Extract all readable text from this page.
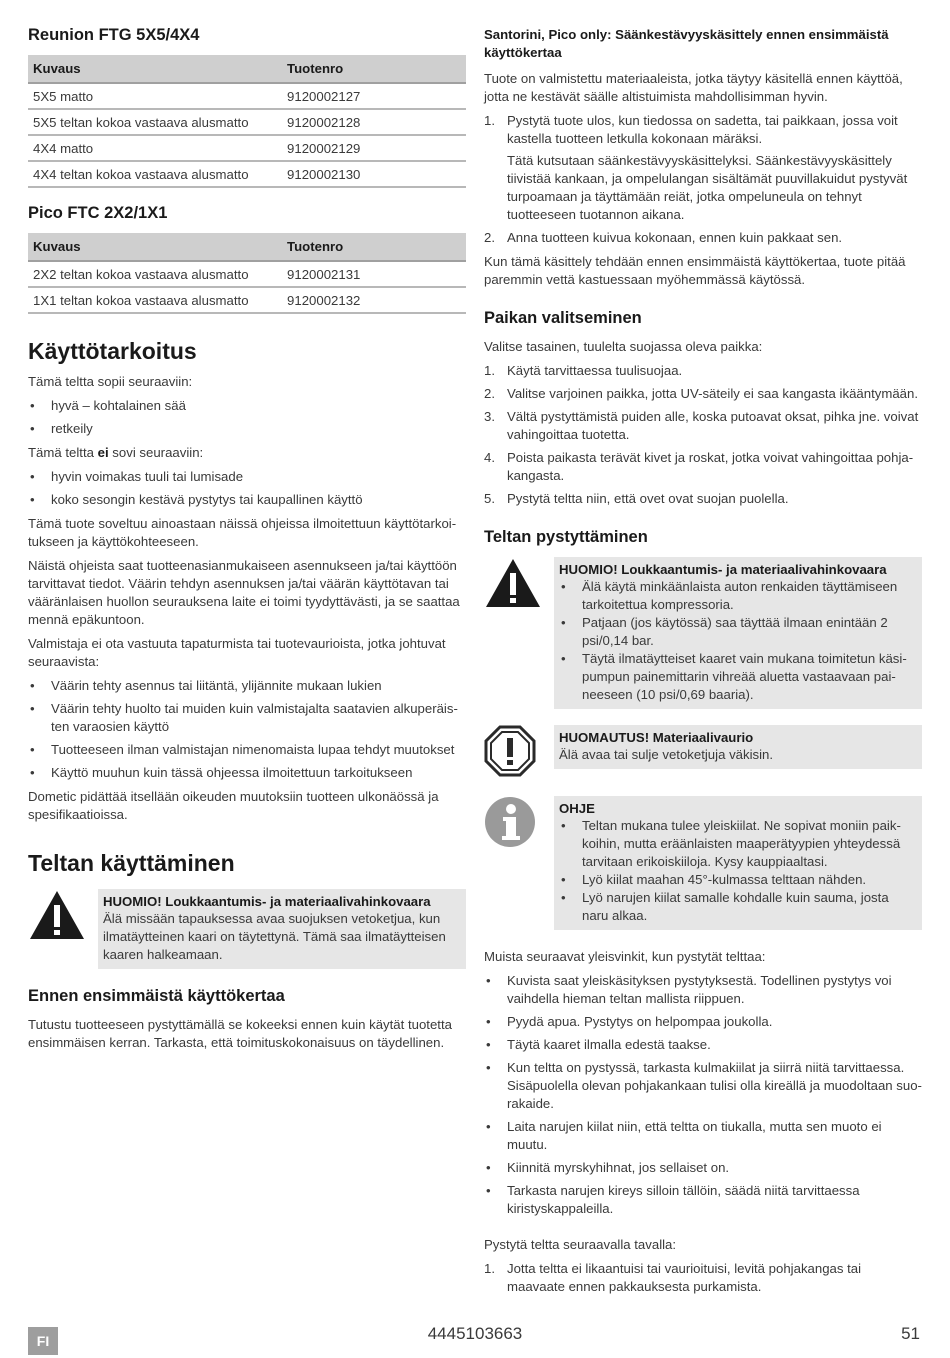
Reunion FTG 5X5/4X4
Kuvaus	Tuotenro
5X5 matto	9120002127
5X5 teltan kokoa vastaava alusmatto	9120002128
4X4 matto	9120002129
4X4 teltan kokoa vastaava alusmatto	9120002130
Pico FTC 2X2/1X1
Kuvaus	Tuotenro
2X2 teltan kokoa vastaava alusmatto	9120002131
1X1 teltan kokoa vastaava alusmatto	9120002132
Käyttötarkoitus

Tämä teltta sopii seuraaviin:

• hyvä – kohtalainen sää
• retkeily

Tämä teltta ei sovi seuraaviin:

• hyvin voimakas tuuli tai lumisade
• koko sesongin kestävä pystytys tai kaupallinen käyttö

Tämä tuote soveltuu ainoastaan näissä ohjeissa ilmoitettuun käyttötarkoitukseen ja käyttökohteeseen.

Näistä ohjeista saat tuotteenasianmukaiseen asennukseen ja/tai käyttöön tarvittavat tiedot. Väärin tehdyn asennuksen ja/tai väärän käyttötavan tai vääränlaisen huollon seurauksena laite ei toimi tyydyttävästi, ja se saattaa mennä epäkuntoon.

Valmistaja ei ota vastuuta tapaturmista tai tuotevaurioista, jotka johtuvat seuraavista:

• Väärin tehty asennus tai liitäntä, ylijännite mukaan lukien
• Väärin tehty huolto tai muiden kuin valmistajalta saatavien alkuperäisten varaosien käyttö
• Tuotteeseen ilman valmistajan nimenomaista lupaa tehdyt muutokset
• Käyttö muuhun kuin tässä ohjeessa ilmoitettuun tarkoitukseen

Dometic pidättää itsellään oikeuden muutoksiin tuotteen ulkonäössä ja spesifikaatioissa.

Teltan käyttäminen
HUOMIO! Loukkaantumis- ja materiaalivahinkovaara
Älä missään tapauksessa avaa suojuksen vetoketjua, kun ilmatäytteinen kaari on täytettynä. Tämä saa ilmatäytteisen kaaren halkeamaan.
Ennen ensimmäistä käyttökertaa

Tutustu tuotteeseen pystyttämällä se kokeeksi ennen kuin käytät tuotetta ensimmäisen kerran. Tarkasta, että toimituskokonaisuus on täydellinen.

Santorini, Pico only: Säänkestävyyskäsittely ennen ensimmäistä käyttökertaa

Tuote on valmistettu materiaaleista, jotka täytyy käsitellä ennen käyttöä, jotta ne kestävät säälle altistuimista mahdollisimman hyvin.

1. Pystytä tuote ulos, kun tiedossa on sadetta, tai paikkaan, jossa voit kastella tuotteen letkulla kokonaan märäksi.
Tätä kutsutaan säänkestävyyskäsittelyksi. Säänkestävyyskäsittely tiivistää kankaan, ja ompelulangan sisältämät puuvillakuidut pystyvät turpoamaan ja täyttämään reiät, jotka ompeluneula on tehnyt tuotteeseen tuotannon aikana.
2. Anna tuotteen kuivua kokonaan, ennen kuin pakkaat sen.

Kun tämä käsittely tehdään ennen ensimmäistä käyttökertaa, tuote pitää paremmin vettä kastuessaan myöhemmässä käytössä.

Paikan valitseminen

Valitse tasainen, tuulelta suojassa oleva paikka:

1. Käytä tarvittaessa tuulisuojaa.
2. Valitse varjoinen paikka, jotta UV-säteily ei saa kangasta ikääntymään.
3. Vältä pystyttämistä puiden alle, koska putoavat oksat, pihka jne. voivat vahingoittaa tuotetta.
4. Poista paikasta terävät kivet ja roskat, jotka voivat vahingoittaa pohjakangasta.
5. Pystytä teltta niin, että ovet ovat suojan puolella.
Teltan pystyttäminen
HUOMIO! Loukkaantumis- ja materiaalivahinkovaara
• Älä käytä minkäänlaista auton renkaiden täyttämiseen tarkoitettua kompressoria.
• Patjaan (jos käytössä) saa täyttää ilmaan enintään 2 psi/0,14 bar.
• Täytä ilmatäytteiset kaaret vain mukana toimitetun käsipumpun painemittarin vihreää aluetta vastaavaan paineeseen (10 psi/0,69 baaria).
HUOMAUTUS! Materiaalivaurio
Älä avaa tai sulje vetoketjuja väkisin.
OHJE
• Teltan mukana tulee yleiskiilat. Ne sopivat moniin paikkoihin, mutta eräänlaisten maaperätyypien yhteydessä tarvitaan erikoiskiiloja. Kysy kauppiaaltasi.
• Lyö kiilat maahan 45°-kulmassa telttaan nähden.
• Lyö narujen kiilat samalle kohdalle kuin sauma, josta naru alkaa.

Muista seuraavat yleisvinkit, kun pystytät telttaa:

• Kuvista saat yleiskäsityksen pystytyksestä. Todellinen pystytys voi vaihdella hieman teltan mallista riippuen.
• Pyydä apua. Pystytys on helpompaa joukolla.
• Täytä kaaret ilmalla edestä taakse.
• Kun teltta on pystyssä, tarkasta kulmakiilat ja siirrä niitä tarvittaessa. Sisäpuolella olevan pohjakankaan tulisi olla kireällä ja muodoltaan suorakaide.
• Laita narujen kiilat niin, että teltta on tiukalla, mutta sen muoto ei muutu.
• Kiinnitä myrskyhihnat, jos sellaiset on.
• Tarkasta narujen kireys silloin tällöin, säädä niitä tarvittaessa kiristyskappaleilla.

Pystytä teltta seuraavalla tavalla:

1. Jotta teltta ei likaantuisi tai vaurioituisi, levitä pohjakangas tai maavaate ennen pakkauksesta purkamista.
FI	4445103663	51
